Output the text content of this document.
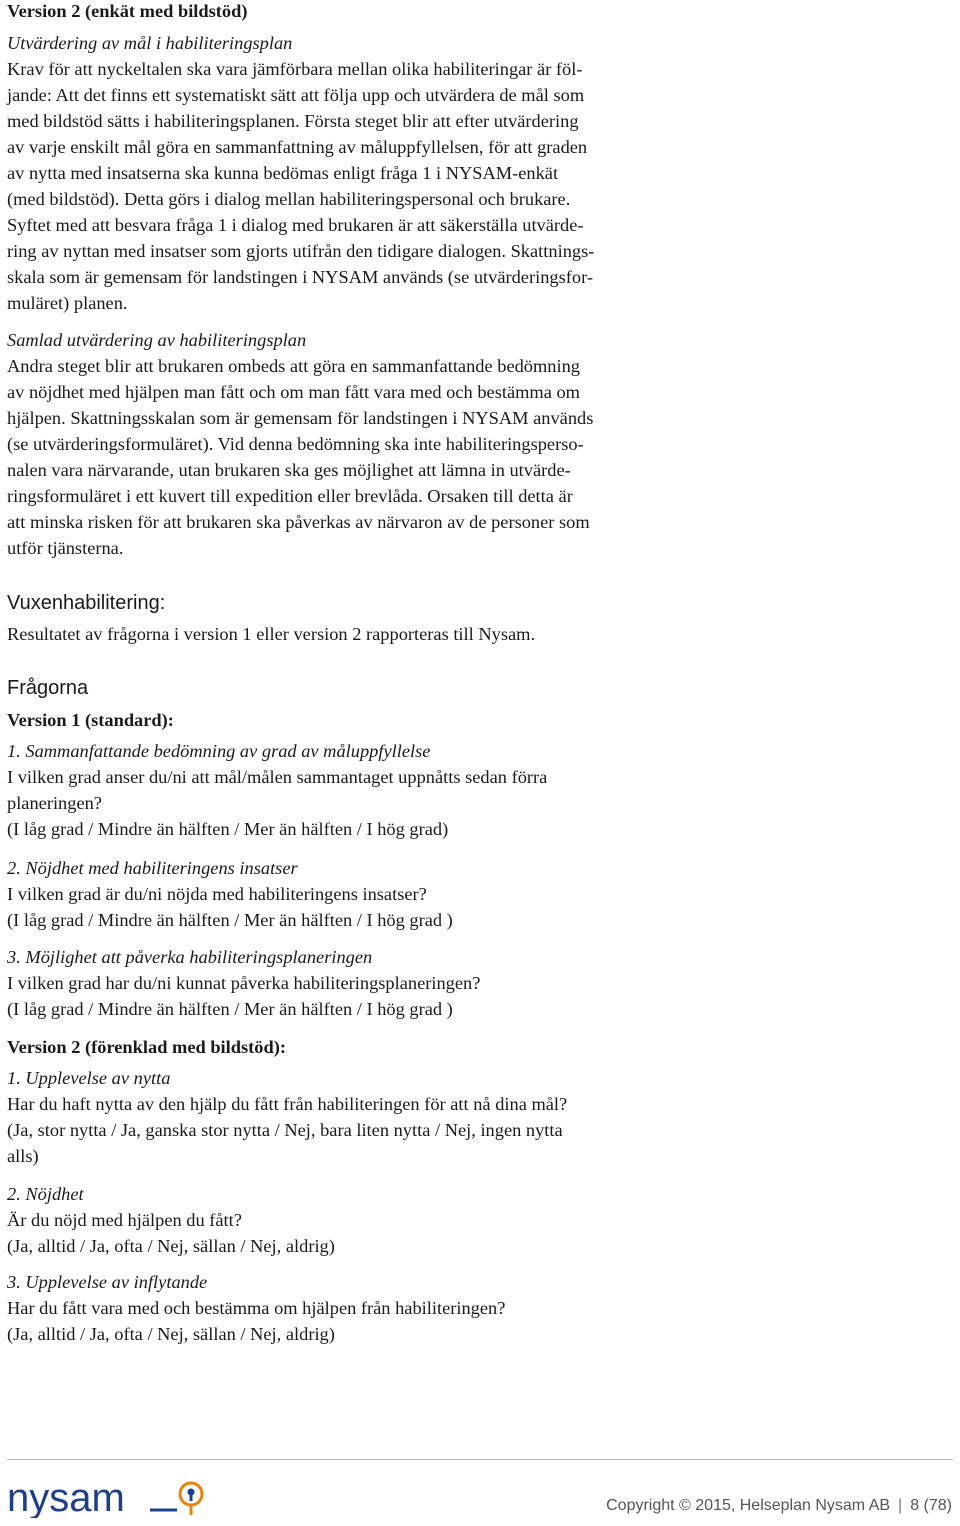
Version 2 (enkät med bildstöd)

Utvärdering av mål i habiliteringsplan

Krav för att nyckeltalen ska vara jämförbara mellan olika habiliteringar är föl-

jande: Att det finns ett systematiskt sätt att följa upp och utvärdera de mål som

med bildstöd sätts i habiliteringsplanen. Första steget blir att efter utvärdering

av varje enskilt mål göra en sammanfattning av måluppfyllelsen, för att graden

av nytta med insatserna ska kunna bedömas enligt fråga 1 i NYSAM-enkät

(med bildstöd). Detta görs i dialog mellan habiliteringspersonal och brukare.

Syftet med att besvara fråga 1 i dialog med brukaren är att säkerställa utvärde-

ring av nyttan med insatser som gjorts utifrån den tidigare dialogen. Skattnings-

skala som är gemensam för landstingen i NYSAM används (se utvärderingsfor-

muläret) planen.

Samlad utvärdering av habiliteringsplan

Andra steget blir att brukaren ombeds att göra en sammanfattande bedömning

av nöjdhet med hjälpen man fått och om man fått vara med och bestämma om

hjälpen. Skattningsskalan som är gemensam för landstingen i NYSAM används

(se utvärderingsformuläret). Vid denna bedömning ska inte habiliteringsperso-

nalen vara närvarande, utan brukaren ska ges möjlighet att lämna in utvärde-

ringsformuläret i ett kuvert till expedition eller brevlåda. Orsaken till detta är

att minska risken för att brukaren ska påverkas av närvaron av de personer som

utför tjänsterna.

Vuxenhabilitering:

Resultatet av frågorna i version 1 eller version 2 rapporteras till Nysam.

Frågorna

Version 1 (standard):

1. Sammanfattande bedömning av grad av måluppfyllelse

I vilken grad anser du/ni att mål/målen sammantaget uppnåtts sedan förra

planeringen?

(I låg grad / Mindre än hälften / Mer än hälften / I hög grad)

2. Nöjdhet med habiliteringens insatser

I vilken grad är du/ni nöjda med habiliteringens insatser?

(I låg grad / Mindre än hälften / Mer än hälften / I hög grad )

3. Möjlighet att påverka habiliteringsplaneringen

I vilken grad har du/ni kunnat påverka habiliteringsplaneringen?

(I låg grad / Mindre än hälften / Mer än hälften / I hög grad )

Version 2 (förenklad med bildstöd):

1. Upplevelse av nytta

Har du haft nytta av den hjälp du fått från habiliteringen för att nå dina mål?

(Ja, stor nytta / Ja, ganska stor nytta / Nej, bara liten nytta / Nej, ingen nytta

alls)

2. Nöjdhet

Är du nöjd med hjälpen du fått?

(Ja, alltid / Ja, ofta / Nej, sällan / Nej, aldrig)

3. Upplevelse av inflytande

Har du fått vara med och bestämma om hjälpen från habiliteringen?

(Ja, alltid / Ja, ofta / Nej, sällan / Nej, aldrig)

nysam	Copyright © 2015, Helseplan Nysam AB | 8 (78)
